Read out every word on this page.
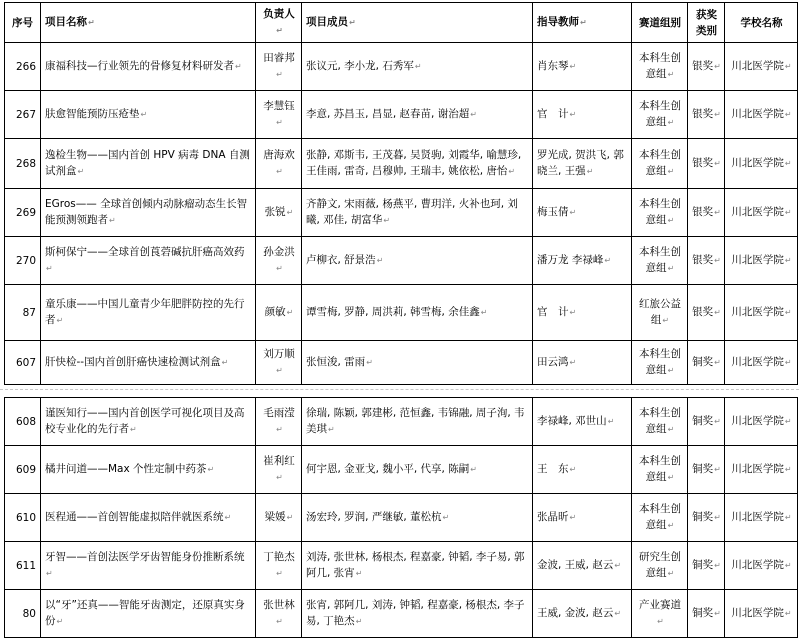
序号	项目名称↵	负责人↵	项目成员↵	指导教师↵	赛道组别	获奖类别	学校名称
266	康福科技—行业领先的骨修复材料研发者↵	田睿邦↵	张议元, 李小龙, 石秀军↵	肖东琴↵	本科生创意组↵	银奖↵	川北医学院↵
267	肤愈智能预防压疮垫↵	李慧钰↵	李意, 苏昌玉, 昌显, 赵春苗, 谢治超↵	官　计↵	本科生创意组↵	银奖↵	川北医学院↵
268	逸检生物——国内首创 HPV 病毒 DNA 自测试剂盒↵	唐海欢↵	张静, 邓斯韦, 王茂暮, 吴贤驹, 刘霞华, 喻慧珍, 王佳雨, 雷奇, 吕穆帅, 王瑞丰, 姚依松, 唐怡↵	罗光成, 贺洪飞, 郭晓兰, 王强↵	本科生创意组↵	银奖↵	川北医学院↵
269	EGros—— 全球首创倾内动脉瘤动态生长智能预测领跑者↵	张锐↵	齐静文, 宋雨薇, 杨燕平, 曹玥洋, 火补也珂, 刘曦, 邓佳, 胡富华↵	梅玉倩↵	本科生创意组↵	银奖↵	川北医学院↵
270	斯柯保宁——全球首创莨菪碱抗肝癌高效药↵	孙金洪↵	卢柳衣, 舒景浩↵	潘万龙 李禄峰↵	本科生创意组↵	银奖↵	川北医学院↵
87	童乐康——中国儿童青少年肥胖防控的先行者↵	颜敏↵	谭雪梅, 罗静, 周洪莉, 韩雪梅, 余佳鑫↵	官　计↵	红旅公益组↵	银奖↵	川北医学院↵
607	肝快检--国内首创肝癌快速检测试剂盒↵	刘万顺↵	张恒浚, 雷雨↵	田云鸿↵	本科生创意组↵	铜奖↵	川北医学院↵
608	谨医知行——国内首创医学可视化项目及高校专业化的先行者↵	毛雨滢↵	徐瑞, 陈颖, 郭建彬, 范恒鑫, 韦锦融, 周子洵, 韦美琪↵	李禄峰, 邓世山↵	本科生创意组↵	铜奖↵	川北医学院↵
609	橘井问道——Max 个性定制中药茶↵	崔利红↵	何宇恩, 金亚戈, 魏小平, 代享, 陈嗣↵	王　东↵	本科生创意组↵	铜奖↵	川北医学院↵
610	医程通——首创智能虚拟陪伴就医系统↵	梁媛↵	汤宏玲, 罗润, 严继敏, 董松杭↵	张晶昕↵	本科生创意组↵	铜奖↵	川北医学院↵
611	牙智——首创法医学牙齿智能身份推断系统↵	丁艳杰↵	刘涛, 张世林, 杨根杰, 程嘉豪, 钟韬, 李子易, 郭阿几, 张宵↵	金波, 王威, 赵云↵	研究生创意组↵	铜奖↵	川北医学院↵
80	以“牙”还真——智能牙齿测定，还原真实身份↵	张世林↵	张宵, 郭阿几, 刘涛, 钟韬, 程嘉豪, 杨根杰, 李子易, 丁艳杰↵	王威, 金波, 赵云↵	产业赛道↵	铜奖↵	川北医学院↵
